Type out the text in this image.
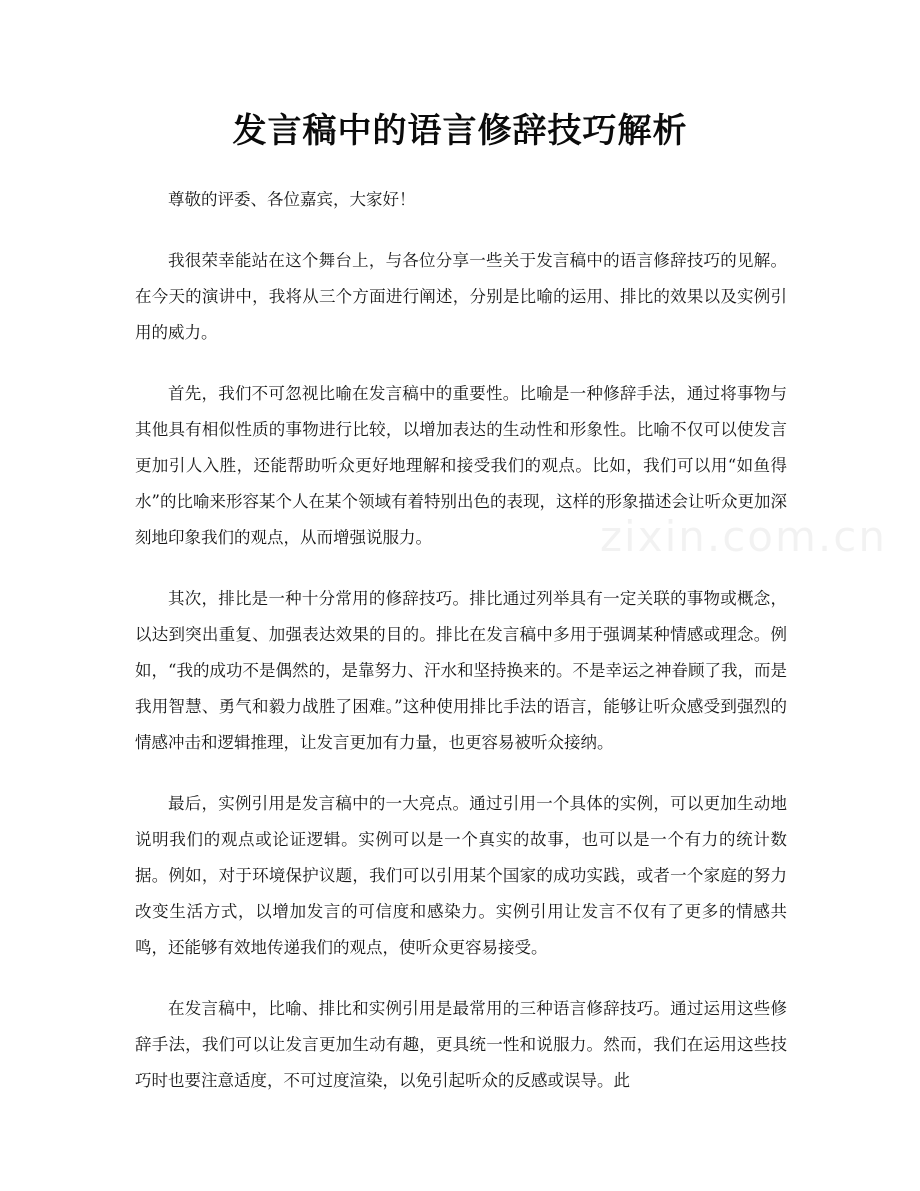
发言稿中的语言修辞技巧解析
zixin.com.cn

尊敬的评委、各位嘉宾，大家好！

我很荣幸能站在这个舞台上，与各位分享一些关于发言稿中的语言修辞技巧的见解。在今天的演讲中，我将从三个方面进行阐述，分别是比喻的运用、排比的效果以及实例引用的威力。

首先，我们不可忽视比喻在发言稿中的重要性。比喻是一种修辞手法，通过将事物与其他具有相似性质的事物进行比较，以增加表达的生动性和形象性。比喻不仅可以使发言更加引人入胜，还能帮助听众更好地理解和接受我们的观点。比如，我们可以用“如鱼得水”的比喻来形容某个人在某个领域有着特别出色的表现，这样的形象描述会让听众更加深刻地印象我们的观点，从而增强说服力。

其次，排比是一种十分常用的修辞技巧。排比通过列举具有一定关联的事物或概念，以达到突出重复、加强表达效果的目的。排比在发言稿中多用于强调某种情感或理念。例如，“我的成功不是偶然的，是靠努力、汗水和坚持换来的。不是幸运之神眷顾了我，而是我用智慧、勇气和毅力战胜了困难。”这种使用排比手法的语言，能够让听众感受到强烈的情感冲击和逻辑推理，让发言更加有力量，也更容易被听众接纳。

最后，实例引用是发言稿中的一大亮点。通过引用一个具体的实例，可以更加生动地说明我们的观点或论证逻辑。实例可以是一个真实的故事，也可以是一个有力的统计数据。例如，对于环境保护议题，我们可以引用某个国家的成功实践，或者一个家庭的努力改变生活方式，以增加发言的可信度和感染力。实例引用让发言不仅有了更多的情感共鸣，还能够有效地传递我们的观点，使听众更容易接受。

在发言稿中，比喻、排比和实例引用是最常用的三种语言修辞技巧。通过运用这些修辞手法，我们可以让发言更加生动有趣，更具统一性和说服力。然而，我们在运用这些技巧时也要注意适度，不可过度渲染，以免引起听众的反感或误导。此
